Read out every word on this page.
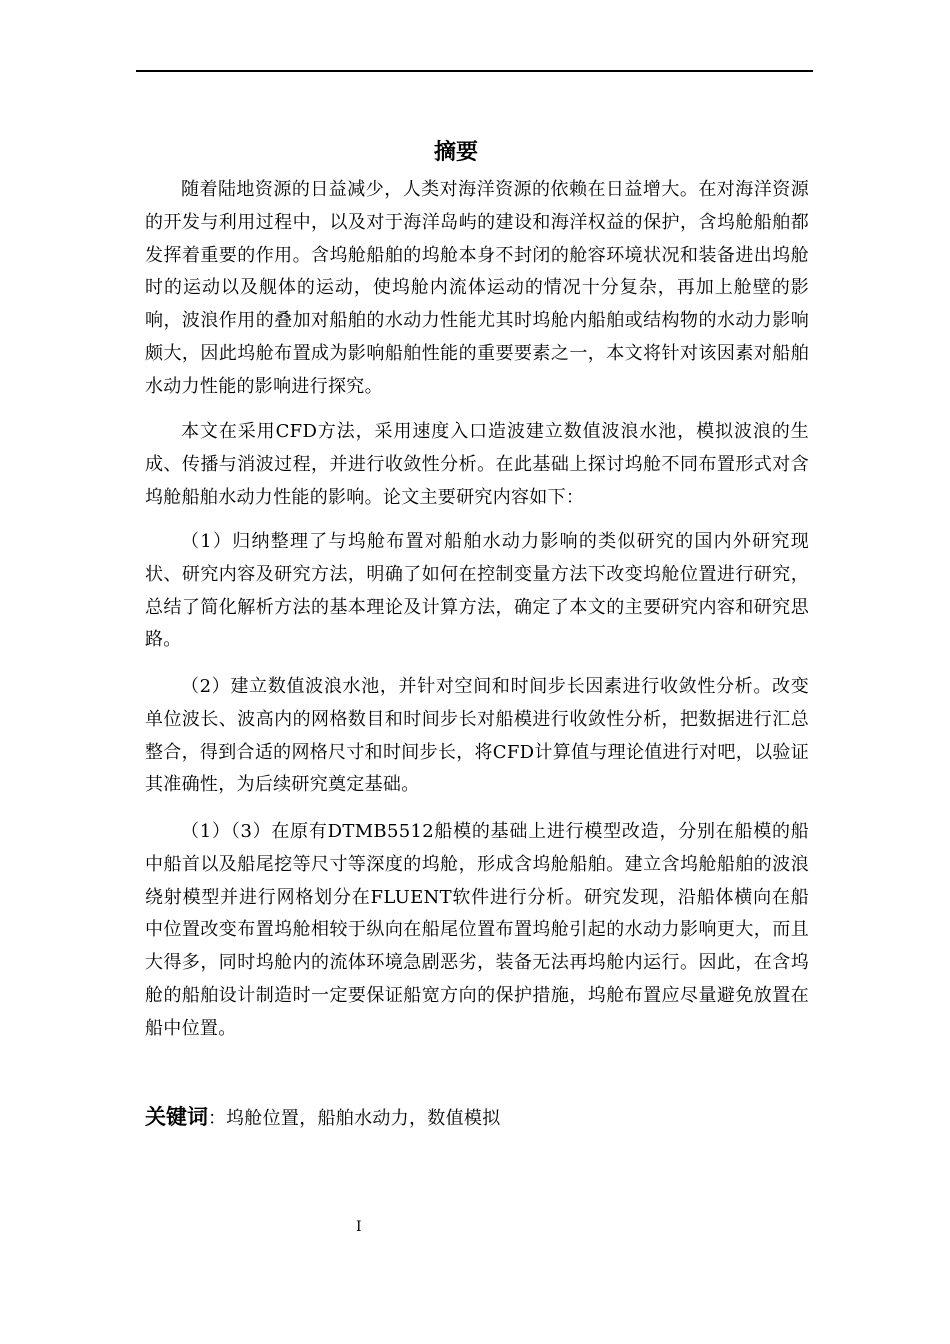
摘要

随着陆地资源的日益减少，人类对海洋资源的依赖在日益增大。在对海洋资源的开发与利用过程中，以及对于海洋岛屿的建设和海洋权益的保护，含坞舱船舶都发挥着重要的作用。含坞舱船舶的坞舱本身不封闭的舱容环境状况和装备进出坞舱时的运动以及舰体的运动，使坞舱内流体运动的情况十分复杂，再加上舱壁的影响，波浪作用的叠加对船舶的水动力性能尤其时坞舱内船舶或结构物的水动力影响颇大，因此坞舱布置成为影响船舶性能的重要要素之一，本文将针对该因素对船舶水动力性能的影响进行探究。

本文在采用CFD方法，采用速度入口造波建立数值波浪水池，模拟波浪的生成、传播与消波过程，并进行收敛性分析。在此基础上探讨坞舱不同布置形式对含坞舱船舶水动力性能的影响。论文主要研究内容如下：

（1）归纳整理了与坞舱布置对船舶水动力影响的类似研究的国内外研究现状、研究内容及研究方法，明确了如何在控制变量方法下改变坞舱位置进行研究，总结了简化解析方法的基本理论及计算方法，确定了本文的主要研究内容和研究思路。

（2）建立数值波浪水池，并针对空间和时间步长因素进行收敛性分析。改变单位波长、波高内的网格数目和时间步长对船模进行收敛性分析，把数据进行汇总整合，得到合适的网格尺寸和时间步长，将CFD计算值与理论值进行对吧，以验证其准确性，为后续研究奠定基础。

（1）（3）在原有DTMB5512船模的基础上进行模型改造，分别在船模的船中船首以及船尾挖等尺寸等深度的坞舱，形成含坞舱船舶。建立含坞舱船舶的波浪绕射模型并进行网格划分在FLUENT软件进行分析。研究发现，沿船体横向在船中位置改变布置坞舱相较于纵向在船尾位置布置坞舱引起的水动力影响更大，而且大得多，同时坞舱内的流体环境急剧恶劣，装备无法再坞舱内运行。因此，在含坞舱的船舶设计制造时一定要保证船宽方向的保护措施，坞舱布置应尽量避免放置在船中位置。

关键词：坞舱位置，船舶水动力，数值模拟

I
